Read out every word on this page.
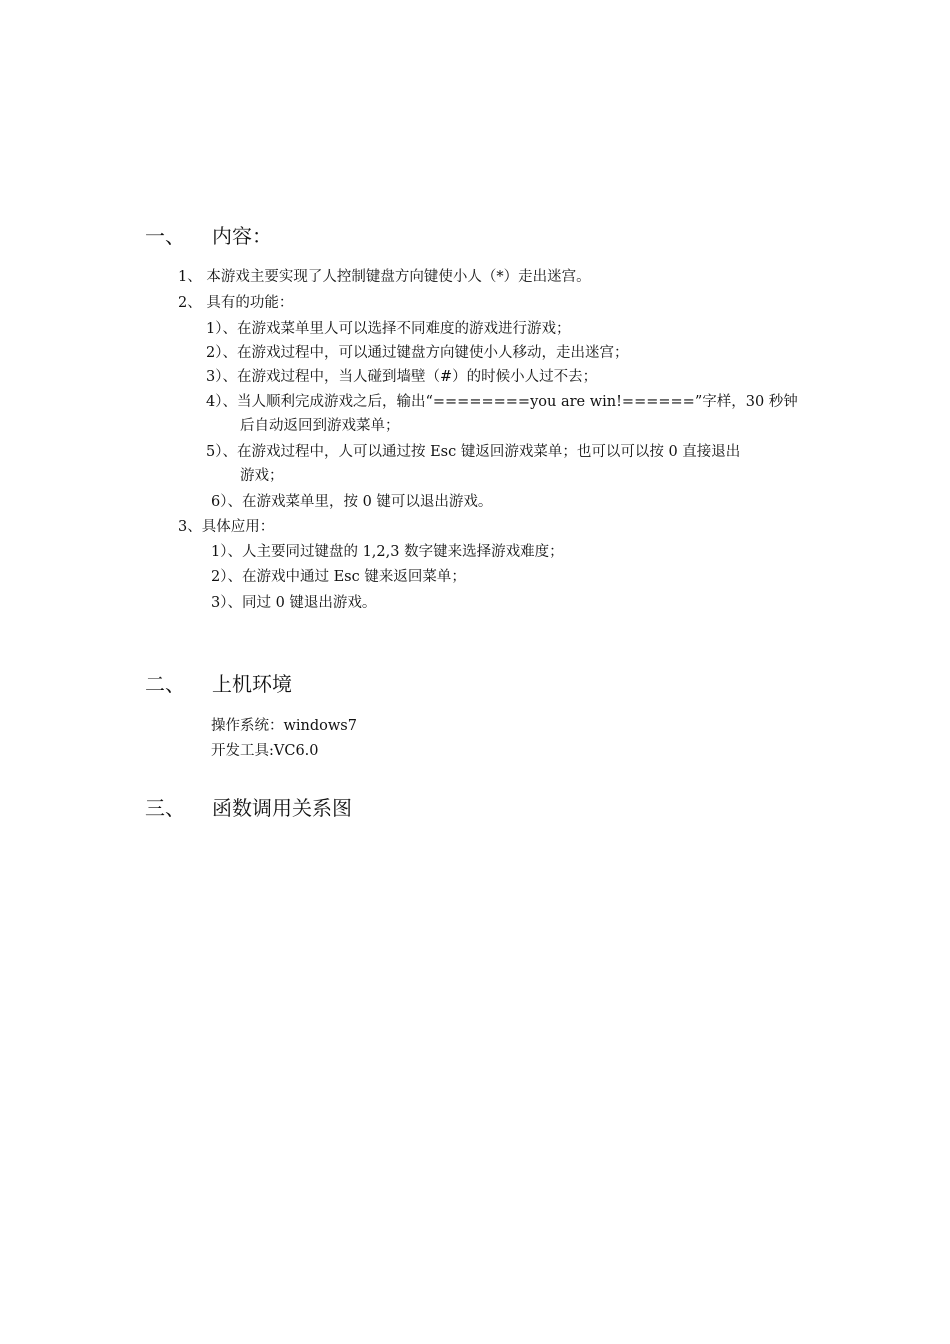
一、 内容：
1、 本游戏主要实现了人控制键盘方向键使小人（*）走出迷宫。
2、 具有的功能：
1）、在游戏菜单里人可以选择不同难度的游戏进行游戏；
2）、在游戏过程中，可以通过键盘方向键使小人移动，走出迷宫；
3）、在游戏过程中，当人碰到墙壁（#）的时候小人过不去；
4）、当人顺利完成游戏之后，输出“========you are win!======”字样，30 秒钟
后自动返回到游戏菜单；
5）、在游戏过程中，人可以通过按 Esc 键返回游戏菜单；也可以可以按 0 直接退出
游戏；
6）、在游戏菜单里，按 0 键可以退出游戏。
3、具体应用：
1）、人主要同过键盘的 1,2,3 数字键来选择游戏难度；
2）、在游戏中通过 Esc 键来返回菜单；
3）、同过 0 键退出游戏。
二、 上机环境
操作系统：windows7
开发工具:VC6.0
三、 函数调用关系图
